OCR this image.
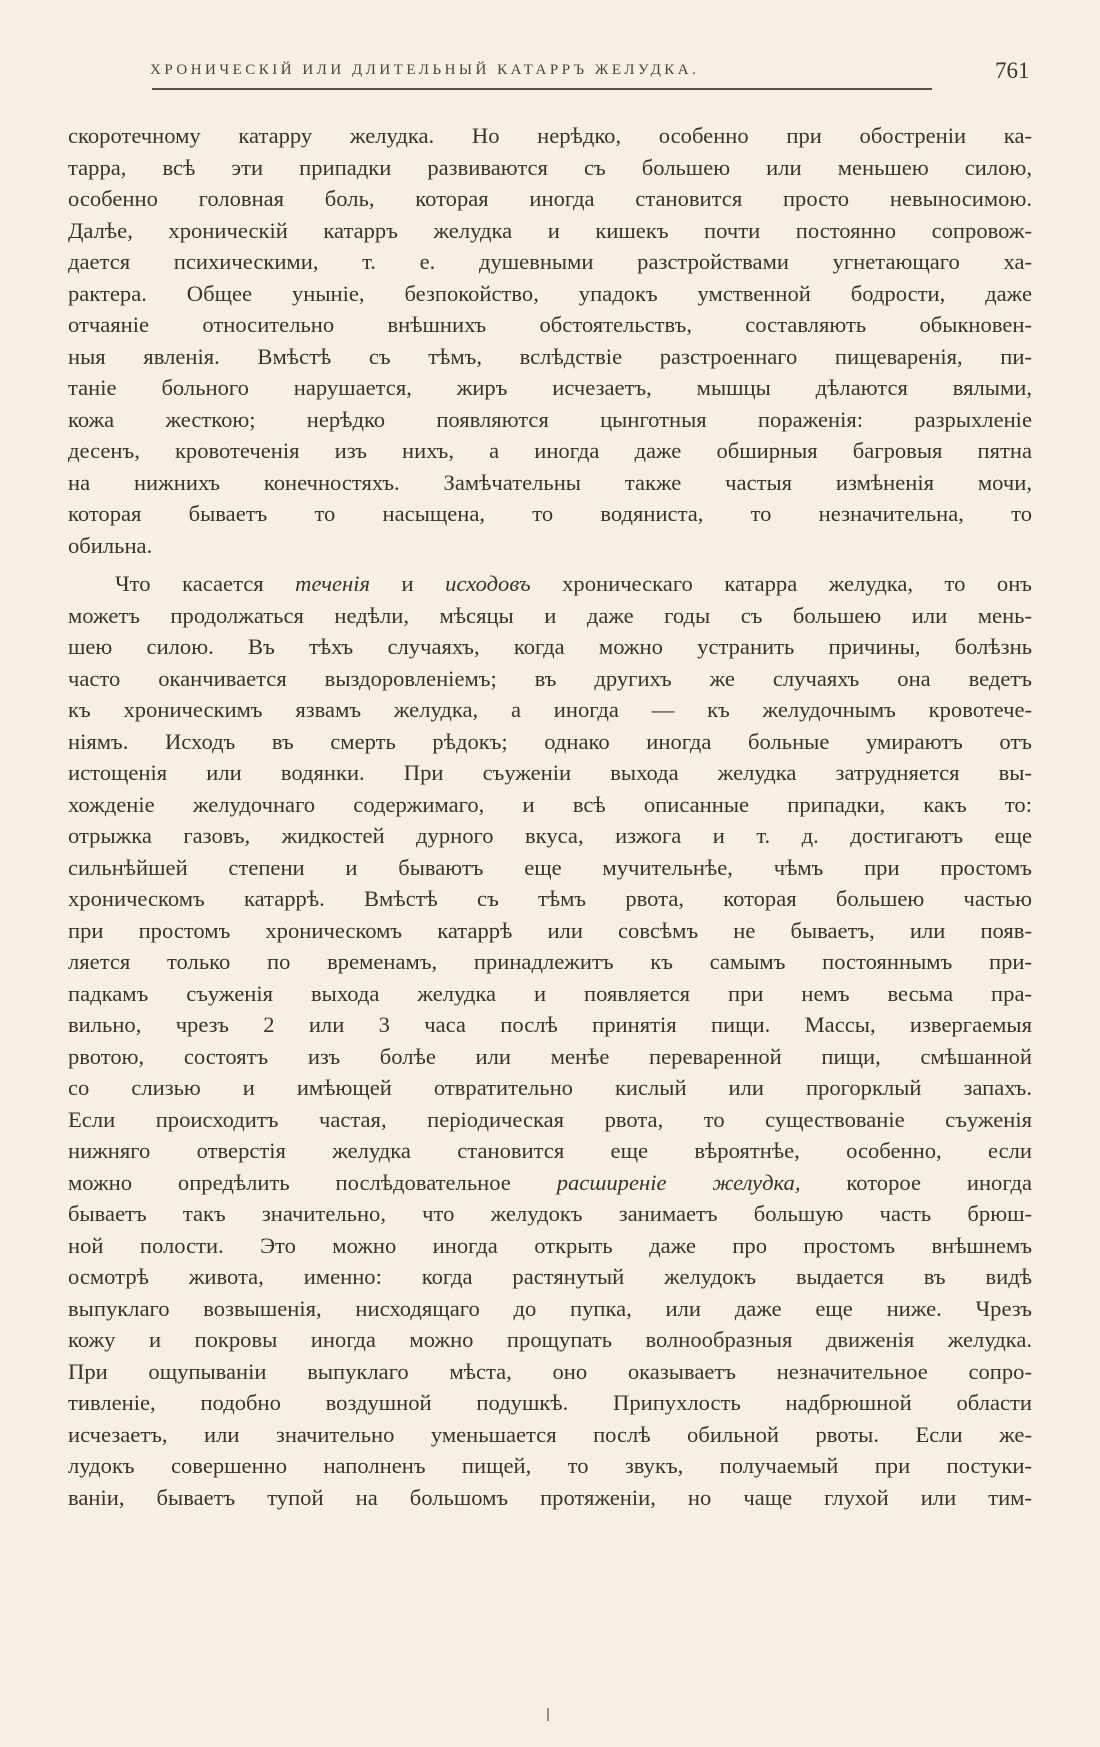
ХРОНИЧЕСКІЙ ИЛИ ДЛИТЕЛЬНЫЙ КАТАРРЪ ЖЕЛУДКА.	761
скоротечному катарру желудка. Но нерѣдко, особенно при обостреніи ка-
тарра, всѣ эти припадки развиваются съ большею или меньшею силою,
особенно головная боль, которая иногда становится просто невыносимою.
Далѣе, хроническій катарръ желудка и кишекъ почти постоянно сопровож-
дается психическими, т. е. душевными разстройствами угнетающаго ха-
рактера. Общее уныніе, безпокойство, упадокъ умственной бодрости, даже
отчаяніе относительно внѣшнихъ обстоятельствъ, составляють обыкновен-
ныя явленія. Вмѣстѣ съ тѣмъ, вслѣдствіе разстроеннаго пищеваренія, пи-
таніе больного нарушается, жиръ исчезаетъ, мышцы дѣлаются вялыми,
кожа жесткою; нерѣдко появляются цынготныя пораженія: разрыхленіе
десенъ, кровотеченія изъ нихъ, а иногда даже обширныя багровыя пятна
на нижнихъ конечностяхъ. Замѣчательны также частыя измѣненія мочи,
которая бываетъ то насыщена, то водяниста, то незначительна, то
обильна.
Что касается теченія и исходовъ хроническаго катарра желудка, то онъ
можетъ продолжаться недѣли, мѣсяцы и даже годы съ большею или мень-
шею силою. Въ тѣхъ случаяхъ, когда можно устранить причины, болѣзнь
часто оканчивается выздоровленіемъ; въ другихъ же случаяхъ она ведетъ
къ хроническимъ язвамъ желудка, а иногда — къ желудочнымъ кровотече-
ніямъ. Исходъ въ смерть рѣдокъ; однако иногда больные умираютъ отъ
истощенія или водянки. При съуженіи выхода желудка затрудняется вы-
хожденіе желудочнаго содержимаго, и всѣ описанные припадки, какъ то:
отрыжка газовъ, жидкостей дурного вкуса, изжога и т. д. достигаютъ еще
сильнѣйшей степени и бываютъ еще мучительнѣе, чѣмъ при простомъ
хроническомъ катаррѣ. Вмѣстѣ съ тѣмъ рвота, которая большею частью
при простомъ хроническомъ катаррѣ или совсѣмъ не бываетъ, или появ-
ляется только по временамъ, принадлежитъ къ самымъ постояннымъ при-
падкамъ съуженія выхода желудка и появляется при немъ весьма пра-
вильно, чрезъ 2 или 3 часа послѣ принятія пищи. Массы, извергаемыя
рвотою, состоятъ изъ болѣе или менѣе переваренной пищи, смѣшанной
со слизью и имѣющей отвратительно кислый или прогорклый запахъ.
Если происходитъ частая, періодическая рвота, то существованіе съуженія
нижняго отверстія желудка становится еще вѣроятнѣе, особенно, если
можно опредѣлить послѣдовательное расширеніе желудка, которое иногда
бываетъ такъ значительно, что желудокъ занимаетъ большую часть брюш-
ной полости. Это можно иногда открыть даже про простомъ внѣшнемъ
осмотрѣ живота, именно: когда растянутый желудокъ выдается въ видѣ
выпуклаго возвышенія, нисходящаго до пупка, или даже еще ниже. Чрезъ
кожу и покровы иногда можно прощупать волнообразныя движенія желудка.
При ощупываніи выпуклаго мѣста, оно оказываетъ незначительное сопро-
тивленіе, подобно воздушной подушкѣ. Припухлость надбрюшной области
исчезаетъ, или значительно уменьшается послѣ обильной рвоты. Если же-
лудокъ совершенно наполненъ пищей, то звукъ, получаемый при постуки-
ваніи, бываетъ тупой на большомъ протяженіи, но чаще глухой или тим-
